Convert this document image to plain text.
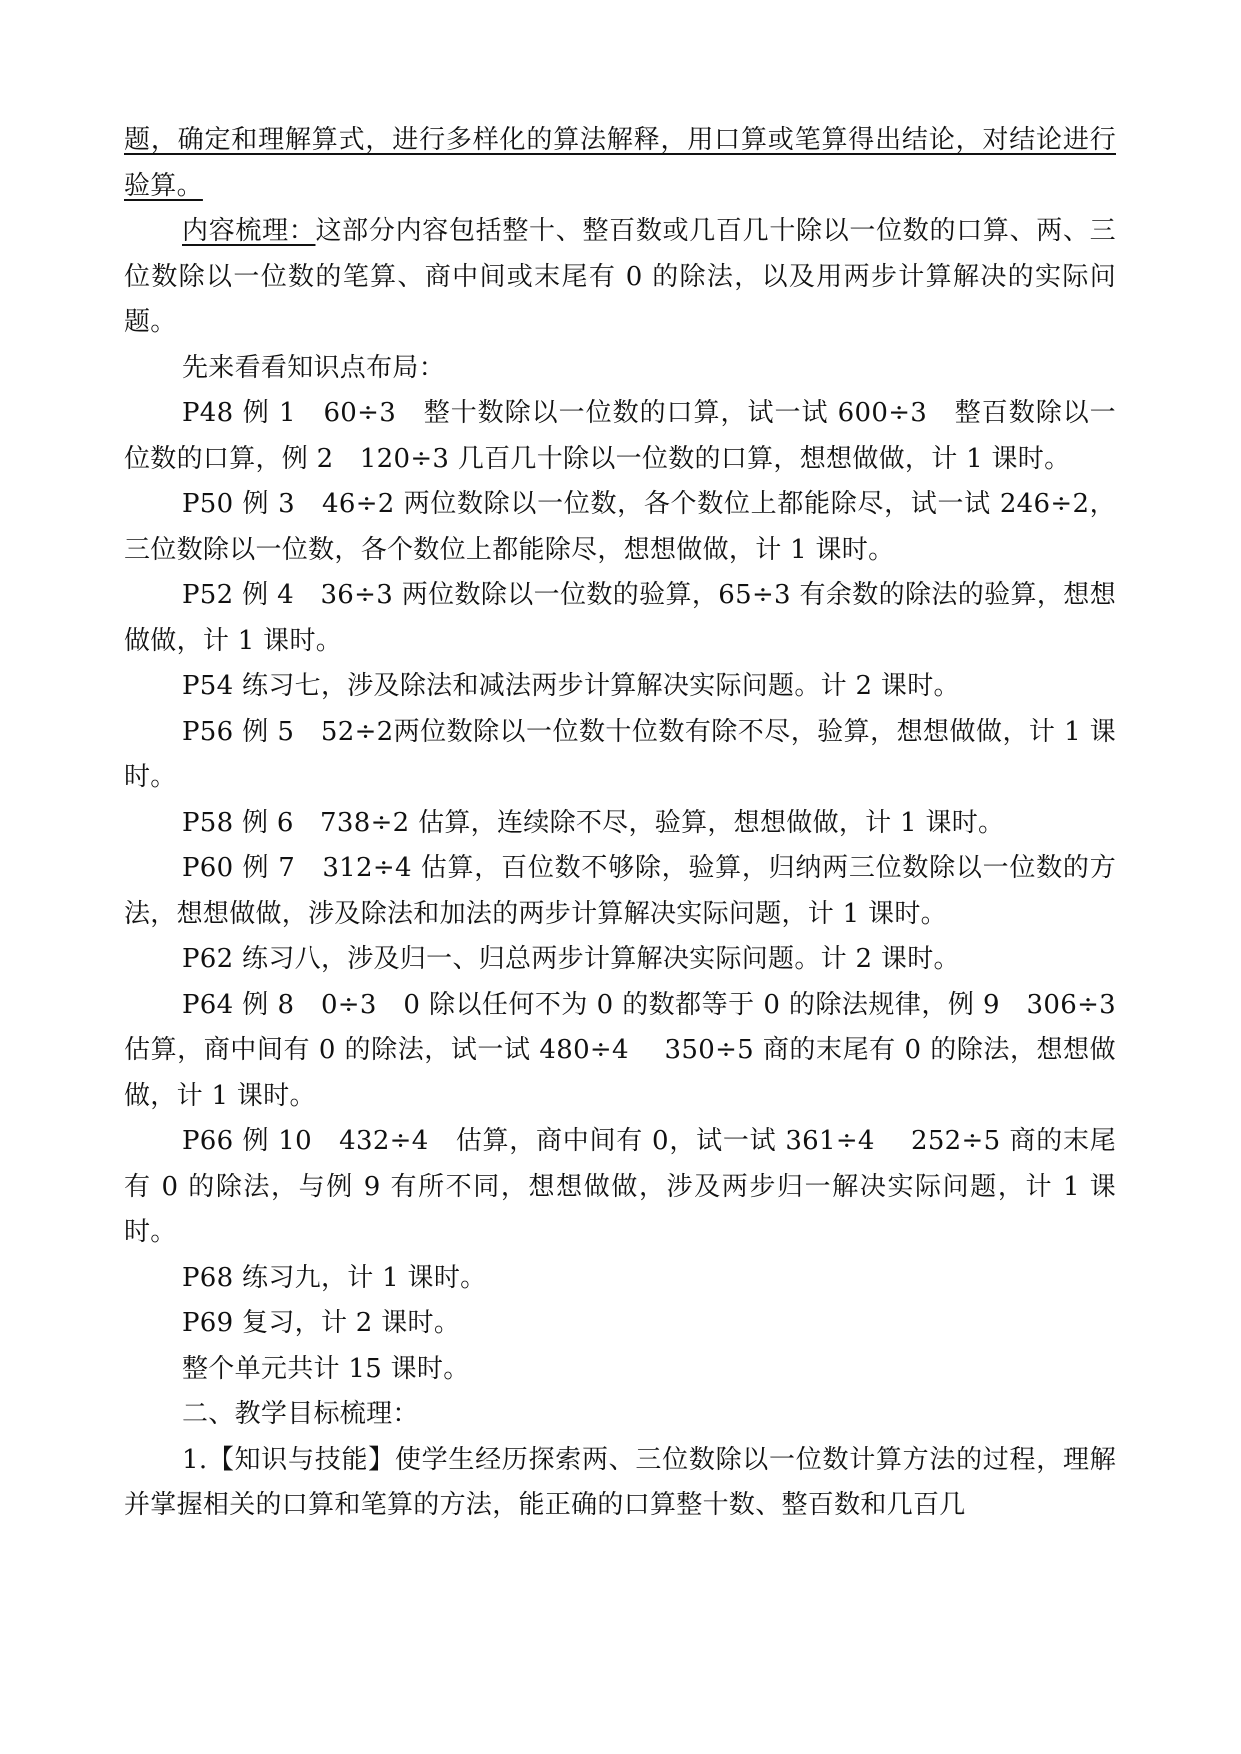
题，确定和理解算式，进行多样化的算法解释，用口算或笔算得出结论，对结论进行验算。

内容梳理：这部分内容包括整十、整百数或几百几十除以一位数的口算、两、三位数除以一位数的笔算、商中间或末尾有 0 的除法，以及用两步计算解决的实际问题。

先来看看知识点布局：

P48 例 1　60÷3　整十数除以一位数的口算，试一试 600÷3　整百数除以一位数的口算，例 2　120÷3 几百几十除以一位数的口算，想想做做，计 1 课时。

P50 例 3　46÷2 两位数除以一位数，各个数位上都能除尽，试一试 246÷2，三位数除以一位数，各个数位上都能除尽，想想做做，计 1 课时。

P52 例 4　36÷3 两位数除以一位数的验算，65÷3 有余数的除法的验算，想想做做，计 1 课时。

P54 练习七，涉及除法和减法两步计算解决实际问题。计 2 课时。

P56 例 5　52÷2两位数除以一位数十位数有除不尽，验算，想想做做，计 1 课时。

P58 例 6　738÷2 估算，连续除不尽，验算，想想做做，计 1 课时。

P60 例 7　312÷4 估算，百位数不够除，验算，归纳两三位数除以一位数的方法，想想做做，涉及除法和加法的两步计算解决实际问题，计 1 课时。

P62 练习八，涉及归一、归总两步计算解决实际问题。计 2 课时。

P64 例 8　0÷3　0 除以任何不为 0 的数都等于 0 的除法规律，例 9　306÷3 估算，商中间有 0 的除法，试一试 480÷4　 350÷5 商的末尾有 0 的除法，想想做做，计 1 课时。

P66 例 10　432÷4　估算，商中间有 0，试一试 361÷4　 252÷5 商的末尾有 0 的除法，与例 9 有所不同，想想做做，涉及两步归一解决实际问题，计 1 课时。

P68 练习九，计 1 课时。

P69 复习，计 2 课时。

整个单元共计 15 课时。

二、教学目标梳理：

1.【知识与技能】使学生经历探索两、三位数除以一位数计算方法的过程，理解并掌握相关的口算和笔算的方法，能正确的口算整十数、整百数和几百几
